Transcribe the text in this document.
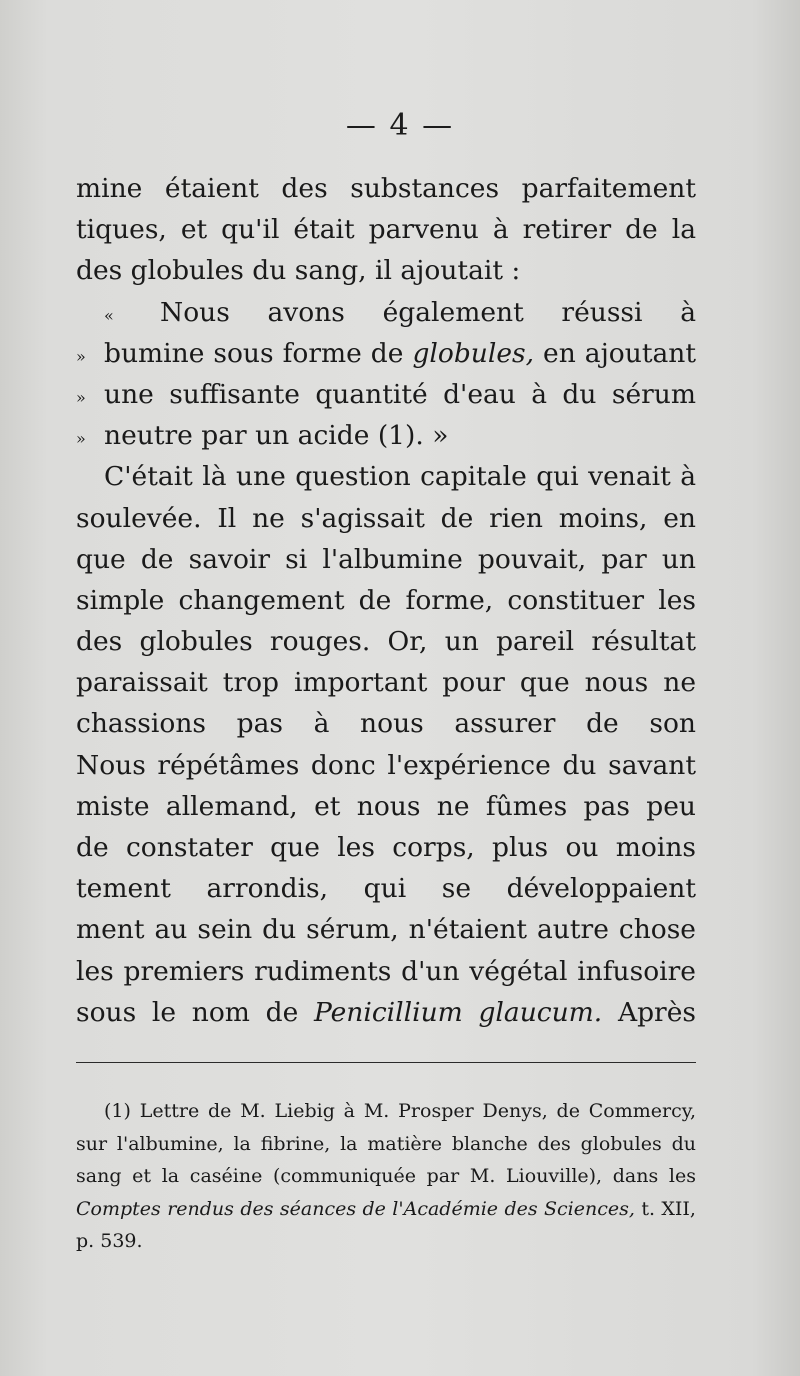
— 4 —
mine étaient des substances parfaitement
tiques, et qu'il était parvenu à retirer de la
des globules du sang, il ajoutait :
«	Nous avons également réussi à
» bumine sous forme de globules, en ajoutant
» une suffisante quantité d'eau à du sérum
» neutre par un acide (1). »
C'était là une question capitale qui venait à
soulevée. Il ne s'agissait de rien moins, en
que de savoir si l'albumine pouvait, par un
simple changement de forme, constituer les
des globules rouges. Or, un pareil résultat
paraissait trop important pour que nous ne
chassions pas à nous assurer de son
Nous répétâmes donc l'expérience du savant
miste allemand, et nous ne fûmes pas peu
de constater que les corps, plus ou moins
tement arrondis, qui se développaient
ment au sein du sérum, n'étaient autre chose
les premiers rudiments d'un végétal infusoire
sous le nom de Penicillium glaucum. Après
(1) Lettre de M. Liebig à M. Prosper Denys, de Commercy,
sur l'albumine, la fibrine, la matière blanche des globules du
sang et la caséine (communiquée par M. Liouville), dans les
Comptes rendus des séances de l'Académie des Sciences, t. XII,
p. 539.
